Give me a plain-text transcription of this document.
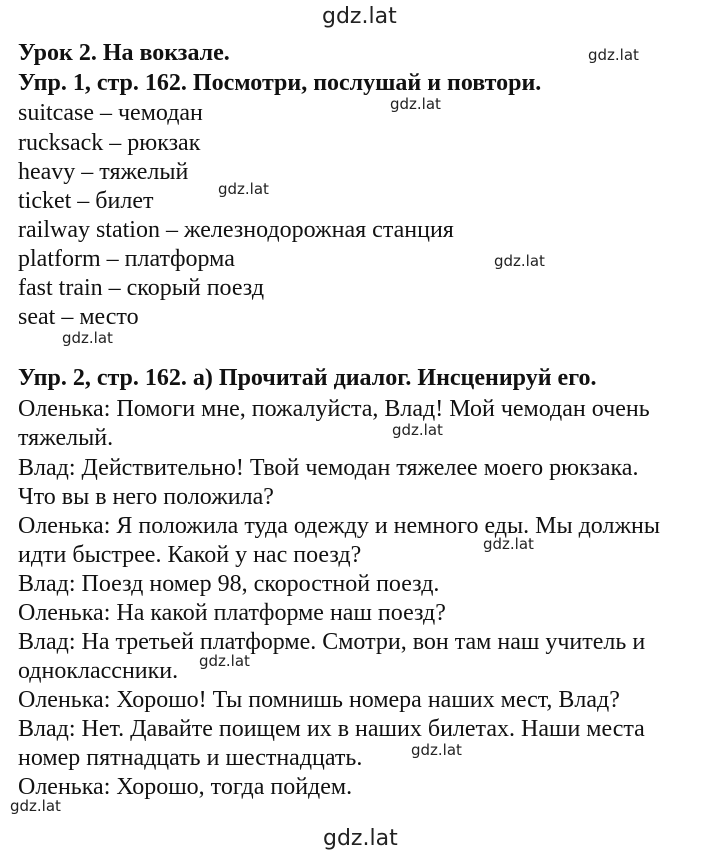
gdz.lat
gdz.lat
gdz.lat
gdz.lat
gdz.lat
gdz.lat
gdz.lat
gdz.lat
gdz.lat
gdz.lat
gdz.lat
gdz.lat
Урок 2. На вокзале.
Упр. 1, стр. 162. Посмотри, послушай и повтори.
suitcase – чемодан
rucksack – рюкзак
heavy – тяжелый
ticket – билет
railway station – железнодорожная станция
platform – платформа
fast train – скорый поезд
seat – место
Упр. 2, стр. 162. а) Прочитай диалог. Инсценируй его.
Оленька: Помоги мне, пожалуйста, Влад! Мой чемодан очень
тяжелый.
Влад: Действительно! Твой чемодан тяжелее моего рюкзака.
Что вы в него положила?
Оленька: Я положила туда одежду и немного еды. Мы должны
идти быстрее. Какой у нас поезд?
Влад: Поезд номер 98, скоростной поезд.
Оленька: На какой платформе наш поезд?
Влад: На третьей платформе. Смотри, вон там наш учитель и
одноклассники.
Оленька: Хорошо! Ты помнишь номера наших мест, Влад?
Влад: Нет. Давайте поищем их в наших билетах. Наши места
номер пятнадцать и шестнадцать.
Оленька: Хорошо, тогда пойдем.
